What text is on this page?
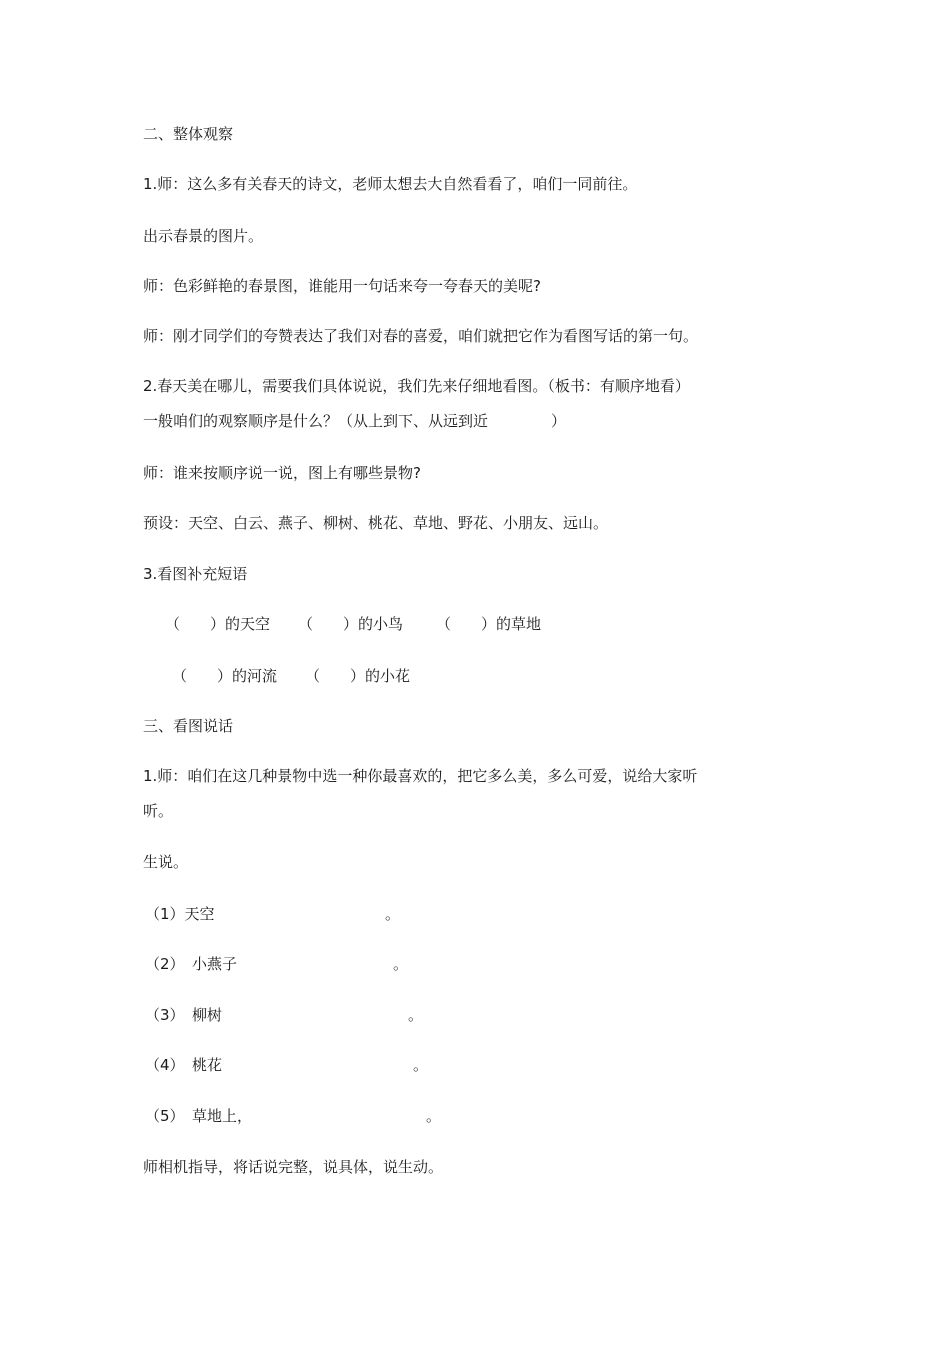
二、整体观察
1.师：这么多有关春天的诗文，老师太想去大自然看看了，咱们一同前往。
出示春景的图片。
师：色彩鲜艳的春景图，谁能用一句话来夸一夸春天的美呢?
师：刚才同学们的夸赞表达了我们对春的喜爱，咱们就把它作为看图写话的第一句。
2.春天美在哪儿，需要我们具体说说，我们先来仔细地看图。（板书：有顺序地看）
一般咱们的观察顺序是什么？（从上到下、从远到近	）
师：谁来按顺序说一说，图上有哪些景物?
预设：天空、白云、燕子、柳树、桃花、草地、野花、小朋友、远山。
3.看图补充短语
（　　）的天空 （　　）的小鸟 （　　）的草地
（　　）的河流 （　　）的小花
三、看图说话
1.师：咱们在这几种景物中选一种你最喜欢的，把它多么美，多么可爱，说给大家听
听。
生说。
（1）天空	。
（2）　小燕子	。
（3）　柳树	。
（4）　桃花	。
（5）　草地上，	。
师相机指导，将话说完整，说具体，说生动。
